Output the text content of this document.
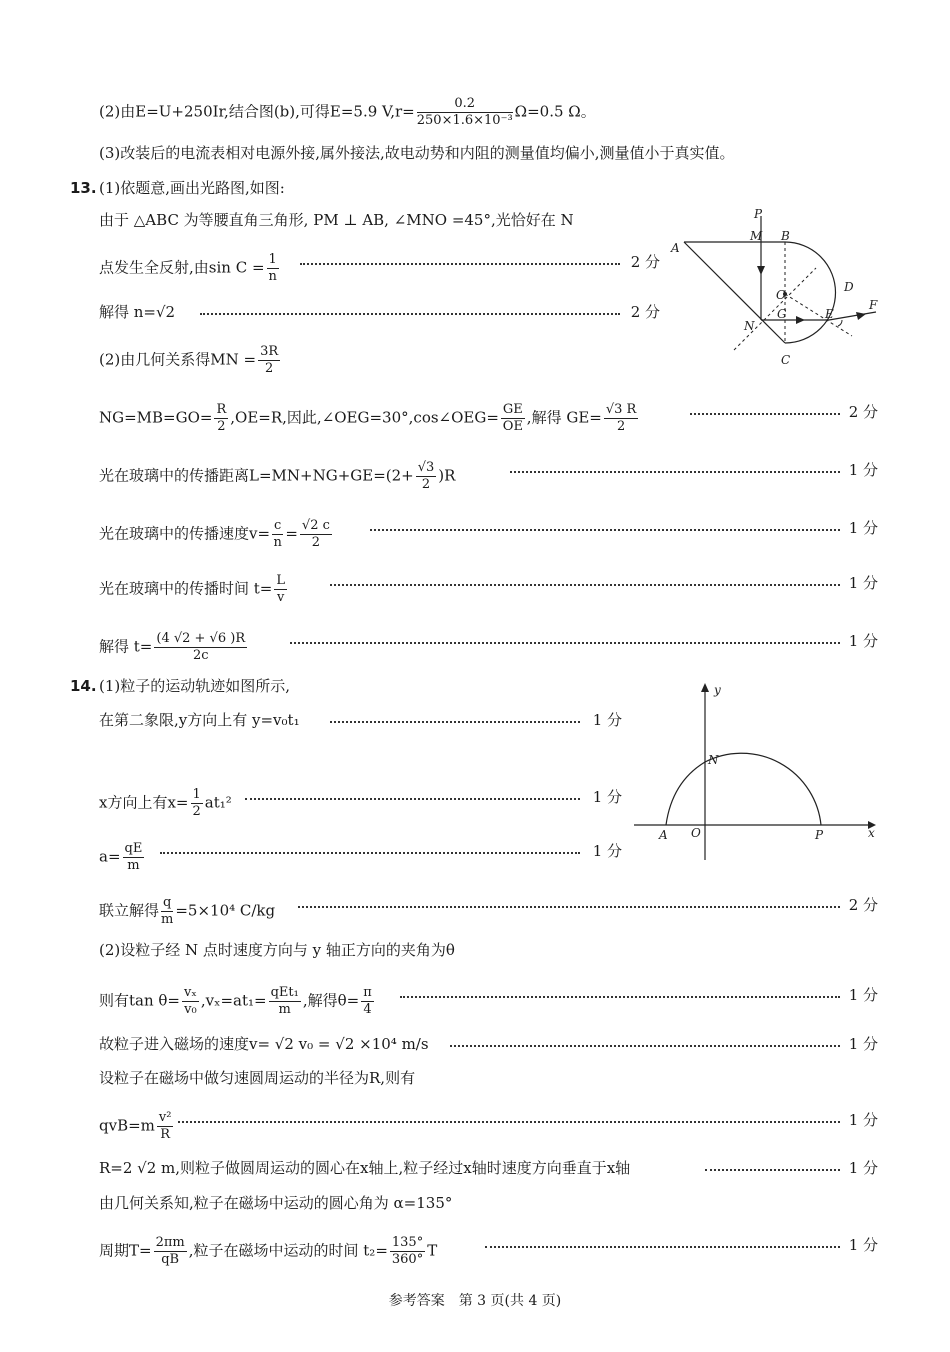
(2)由E=U+250Ir,结合图(b),可得E=5.9 $V,r= \frac{0.2}{\text{250×1.6×10⁻³}} \Omega=0.5$ Ω。
(3)改装后的电流表相对电源外接,属外接法,故电动势和内阻的测量值均偏小,测量值小于真实值。
13. (1)依题意,画出光路图,如图:
由于 △ABC 为等腰直角三角形, PM ⊥ AB, ∠MNO =45°,光恰好在 N
点发生全反射,由$\sin C = \frac{1}{n}$	2 分
解得 n=√2	2 分
(2)由几何关系得MN = $\frac{3R}{2}$
$NG=MB=GO= \frac{R}{2} ,OE=R$,因此,∠OEG=30°,cos∠OEG= $\frac{GE}{OE}$ ,解得 $GE= \frac{√3 R}{2}$	2 分
光在玻璃中的传播距离$L=MN+NG+GE=(2+ \frac{√3}{2} )R$	1 分
光在玻璃中的传播速度$v= \frac{c}{n} = \frac{√2 c}{2}$	1 分
光在玻璃中的传播时间 $t= \frac{L}{v}$	1 分
解得 $t= \frac{(4 √2 + √6 )R}{2c}$	1 分
P
M B
A
D
O
F
N
G	E
C
14. (1)粒子的运动轨迹如图所示,
在第二象限,y方向上有 y=v₀t₁	1 分
x方向上有$x= \frac{1}{2} at_1^2$	1 分
$a= \frac{qE}{m}$	1 分
联立解得 $\frac{q}{m} =5\times 10^4$ C/kg	2 分
(2)设粒子经 N 点时速度方向与 y 轴正方向的夹角为θ
则有$\tan \theta= \frac{\text{vₓ}}{\text{v₀}} ,v_x=at_1= \frac{\text{qEt₁}}{m}$ ,解得$\theta= \frac{\pi}{4}$	1 分
故粒子进入磁场的速度v= √2 v₀ = √2 ×10⁴ m/s	1 分
设粒子在磁场中做匀速圆周运动的半径为R,则有
$qvB=m \frac{\text{v²}}{R}$	1 分
R=2 √2 m,则粒子做圆周运动的圆心在x轴上,粒子经过x轴时速度方向垂直于x轴	1 分
由几何关系知,粒子在磁场中运动的圆心角为 α=135°
周期$T= \frac{2\pi m}{qB}$ ,粒子在磁场中运动的时间 $t_2= \frac{135^\circ}{360^\circ}$ T	1 分
y
N
A O	P	x
参考答案　第 3 页(共 4 页)
